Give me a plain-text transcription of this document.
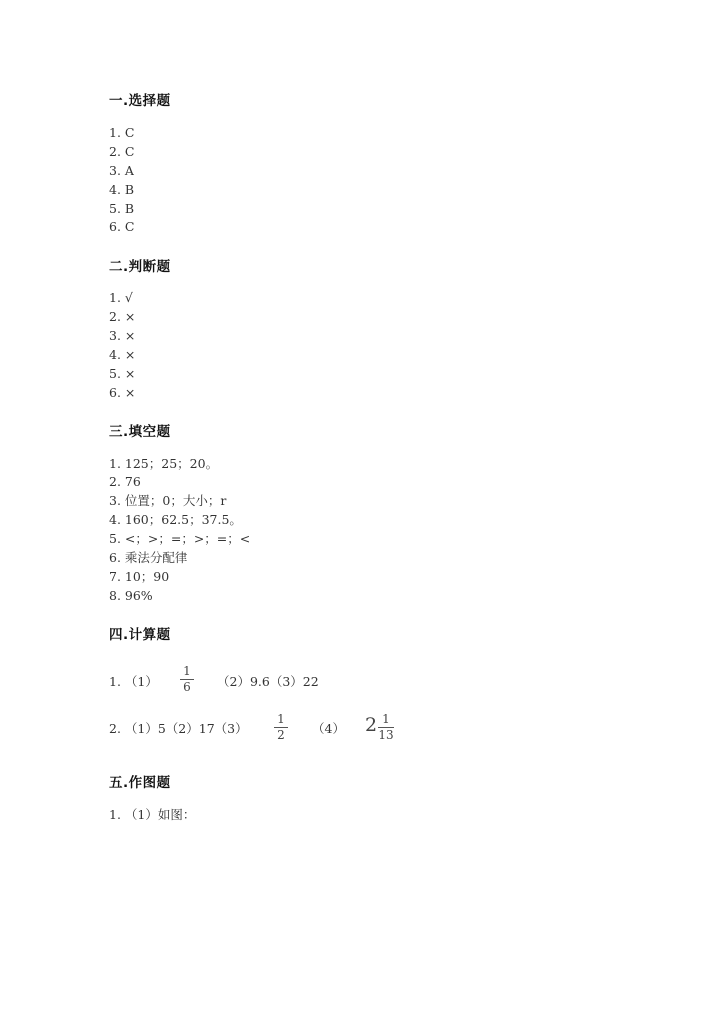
一.选择题
1. C
2. C
3. A
4. B
5. B
6. C
二.判断题
1. √
2. ×
3. ×
4. ×
5. ×
6. ×
三.填空题
1. 125；25；20。
2. 76
3. 位置；0；大小；r
4. 160；62.5；37.5。
5. <；>；=；>；=；<
6. 乘法分配律
7. 10；90
8. 96%
四.计算题
1. （1）
1
6 （2）9.6（3）22
2. （1）5（2）17（3）
1
2 （4） 2 1
13
五.作图题
1. （1）如图：
